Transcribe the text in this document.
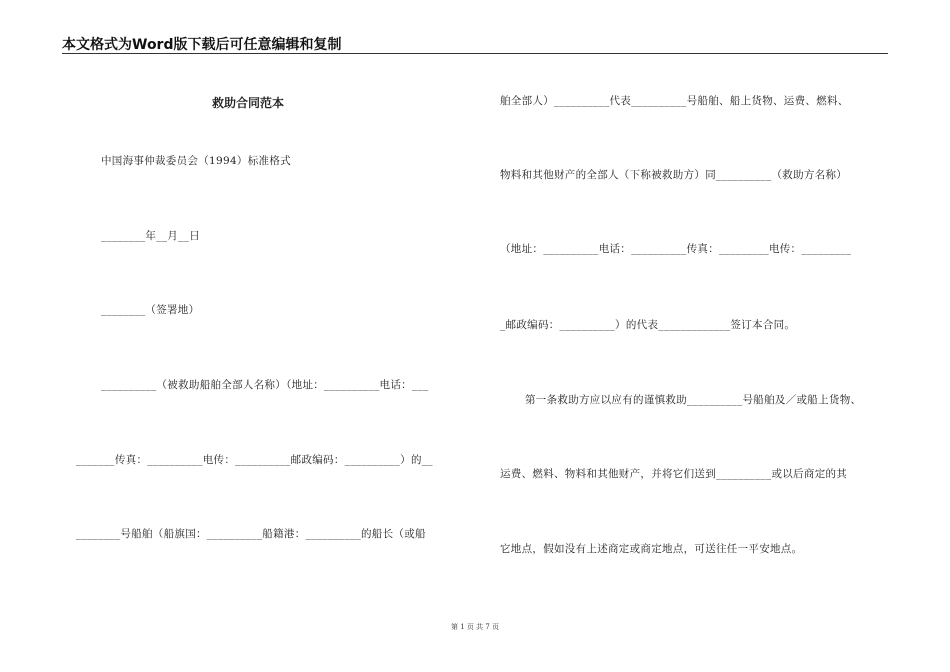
本文格式为Word版下载后可任意编辑和复制
救助合同范本
中国海事仲裁委员会（1994）标准格式
________年__月__日
________（签署地）
__________（被救助船舶全部人名称）（地址：__________电话：___
_______传真：__________电传：__________邮政编码：__________）的__
________号船舶（船旗国：__________船籍港：__________的船长（或船
舶全部人）__________代表__________号船舶、船上货物、运费、燃料、
物料和其他财产的全部人（下称被救助方）同__________（救助方名称）
（地址：__________电话：__________传真：_________电传：_________
_邮政编码：__________）的代表_____________签订本合同。
第一条救助方应以应有的谨慎救助__________号船舶及／或船上货物、
运费、燃料、物料和其他财产，并将它们送到__________或以后商定的其
它地点，假如没有上述商定或商定地点，可送往任一平安地点。
第 1 页 共 7 页
